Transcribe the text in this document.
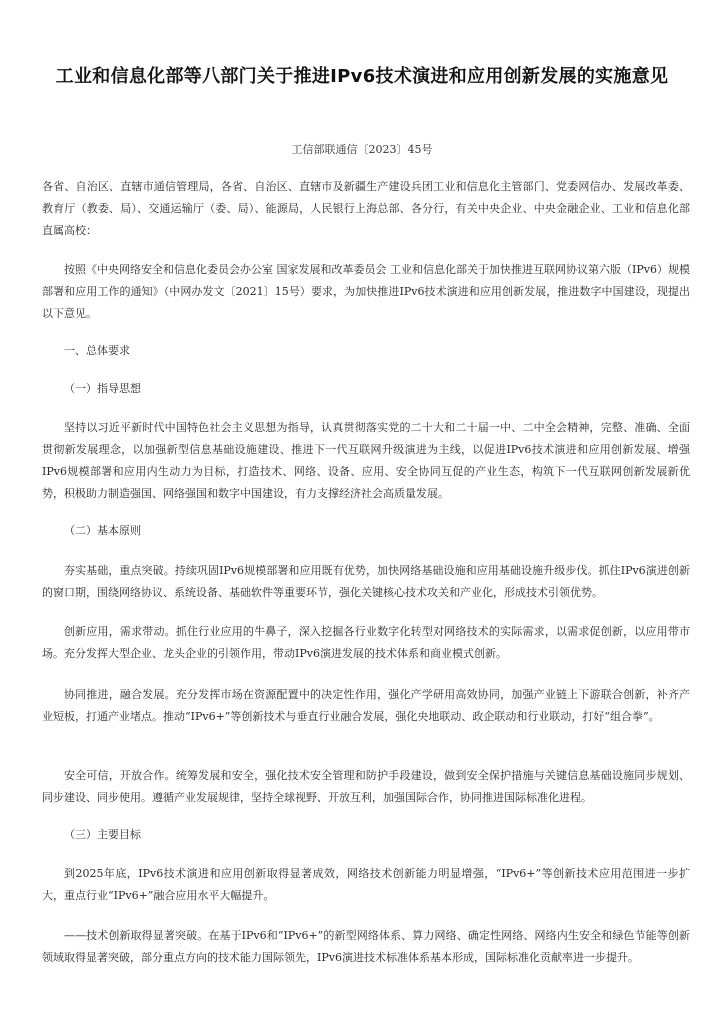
工业和信息化部等八部门关于推进IPv6技术演进和应用创新发展的实施意见
工信部联通信〔2023〕45号

各省、自治区、直辖市通信管理局，各省、自治区、直辖市及新疆生产建设兵团工业和信息化主管部门、党委网信办、发展改革委、教育厅（教委、局）、交通运输厅（委、局）、能源局，人民银行上海总部、各分行，有关中央企业、中央金融企业、工业和信息化部直属高校：

按照《中央网络安全和信息化委员会办公室 国家发展和改革委员会 工业和信息化部关于加快推进互联网协议第六版（IPv6）规模部署和应用工作的通知》（中网办发文〔2021〕15号）要求，为加快推进IPv6技术演进和应用创新发展，推进数字中国建设，现提出以下意见。

一、总体要求
（一）指导思想

坚持以习近平新时代中国特色社会主义思想为指导，认真贯彻落实党的二十大和二十届一中、二中全会精神，完整、准确、全面贯彻新发展理念，以加强新型信息基础设施建设、推进下一代互联网升级演进为主线，以促进IPv6技术演进和应用创新发展、增强IPv6规模部署和应用内生动力为目标，打造技术、网络、设备、应用、安全协同互促的产业生态，构筑下一代互联网创新发展新优势，积极助力制造强国、网络强国和数字中国建设，有力支撑经济社会高质量发展。

（二）基本原则

夯实基础，重点突破。持续巩固IPv6规模部署和应用既有优势，加快网络基础设施和应用基础设施升级步伐。抓住IPv6演进创新的窗口期，围绕网络协议、系统设备、基础软件等重要环节，强化关键核心技术攻关和产业化，形成技术引领优势。

创新应用，需求带动。抓住行业应用的牛鼻子，深入挖掘各行业数字化转型对网络技术的实际需求，以需求促创新，以应用带市场。充分发挥大型企业、龙头企业的引领作用，带动IPv6演进发展的技术体系和商业模式创新。

协同推进，融合发展。充分发挥市场在资源配置中的决定性作用，强化产学研用高效协同，加强产业链上下游联合创新，补齐产业短板，打通产业堵点。推动“IPv6+”等创新技术与垂直行业融合发展，强化央地联动、政企联动和行业联动，打好“组合拳”。

安全可信，开放合作。统筹发展和安全，强化技术安全管理和防护手段建设，做到安全保护措施与关键信息基础设施同步规划、同步建设、同步使用。遵循产业发展规律，坚持全球视野、开放互利，加强国际合作，协同推进国际标准化进程。

（三）主要目标

到2025年底，IPv6技术演进和应用创新取得显著成效，网络技术创新能力明显增强，“IPv6+”等创新技术应用范围进一步扩大，重点行业“IPv6+”融合应用水平大幅提升。

——技术创新取得显著突破。在基于IPv6和“IPv6+”的新型网络体系、算力网络、确定性网络、网络内生安全和绿色节能等创新领域取得显著突破，部分重点方向的技术能力国际领先，IPv6演进技术标准体系基本形成，国际标准化贡献率进一步提升。
